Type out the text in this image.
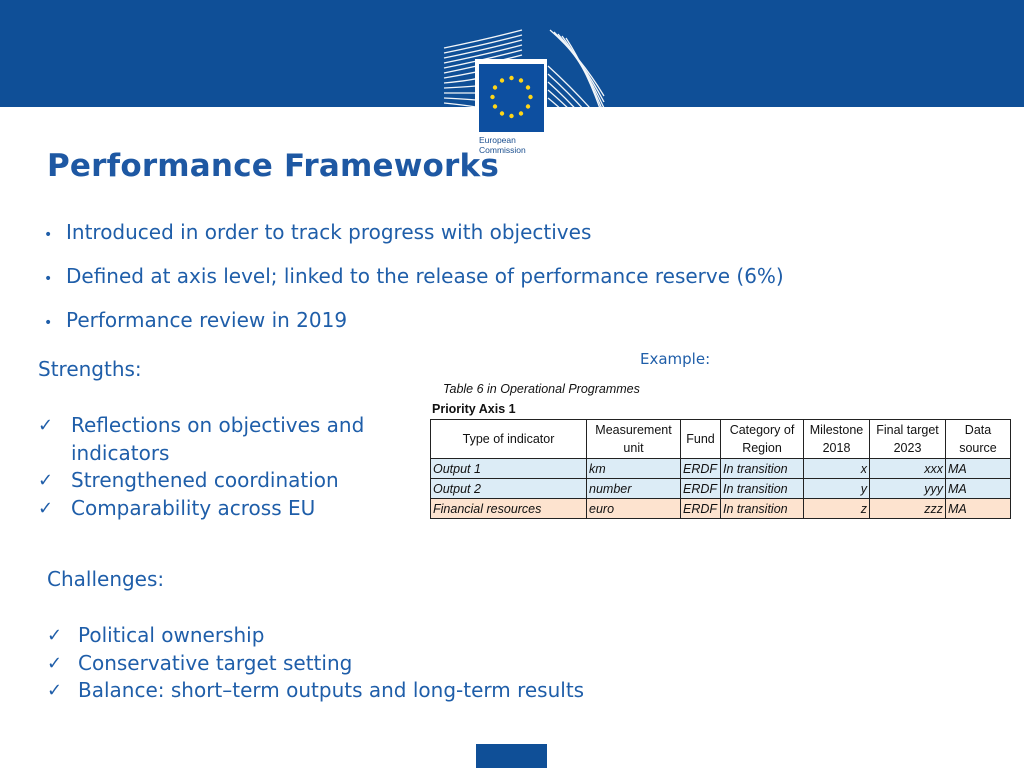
European
Commission
Performance Frameworks
• Introduced in order to track progress with objectives
• Defined at axis level; linked to the release of performance reserve (6%)
• Performance review in 2019
Strengths:
✓ Reflections on objectives and indicators
✓ Strengthened coordination
✓ Comparability across EU
Example:
Table 6 in Operational Programmes
Priority Axis 1
Type of indicator	Measurement unit	Fund	Category of Region	Milestone 2018	Final target 2023	Data source
Output 1	km	ERDF	In transition	x	xxx	MA
Output 2	number	ERDF	In transition	y	yyy	MA
Financial resources	euro	ERDF	In transition	z	zzz	MA
Challenges:
✓ Political ownership
✓ Conservative target setting
✓ Balance: short–term outputs and long-term results
